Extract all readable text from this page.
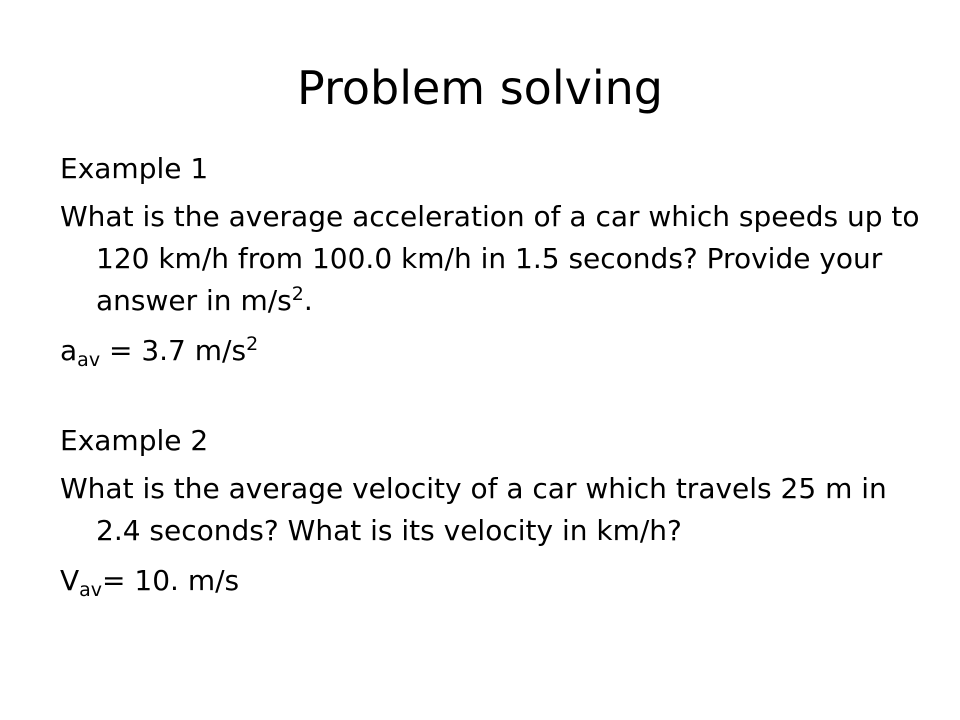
Problem solving

Example 1

What is the average acceleration of a car which speeds up to 120 km/h from 100.0 km/h in 1.5 seconds? Provide your answer in $m/s^2$.

$a_{av} = 3.7$ $m/s^2$

Example 2

What is the average velocity of a car which travels 25 m in 2.4 seconds? What is its velocity in km/h?

$V_{av}= 10$. m/s
